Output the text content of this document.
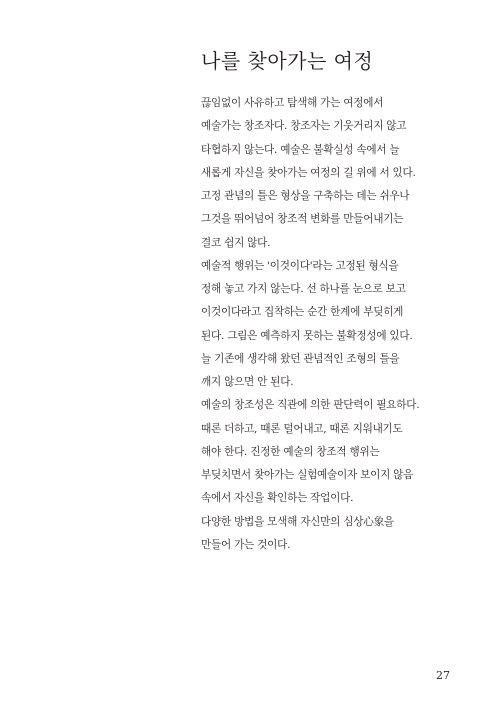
나를 찾아가는 여정
끊임없이 사유하고 탐색해 가는 여정에서
예술가는 창조자다. 창조자는 기웃거리지 않고
타협하지 않는다. 예술은 불확실성 속에서 늘
새롭게 자신을 찾아가는 여정의 길 위에 서 있다.
고정 관념의 틀은 형상을 구축하는 데는 쉬우나
그것을 뛰어넘어 창조적 변화를 만들어내기는
결코 쉽지 않다.
예술적 행위는 '이것이다'라는 고정된 형식을
정해 놓고 가지 않는다. 선 하나를 눈으로 보고
이것이다라고 집착하는 순간 한계에 부딪히게
된다. 그림은 예측하지 못하는 불확정성에 있다.
늘 기존에 생각해 왔던 관념적인 조형의 틀을
깨지 않으면 안 된다.
예술의 창조성은 직관에 의한 판단력이 필요하다.
때론 더하고, 때론 덜어내고, 때론 지워내기도
해야 한다. 진정한 예술의 창조적 행위는
부딪치면서 찾아가는 실험예술이자 보이지 않음
속에서 자신을 확인하는 작업이다.
다양한 방법을 모색해 자신만의 심상心象을
만들어 가는 것이다.
27
